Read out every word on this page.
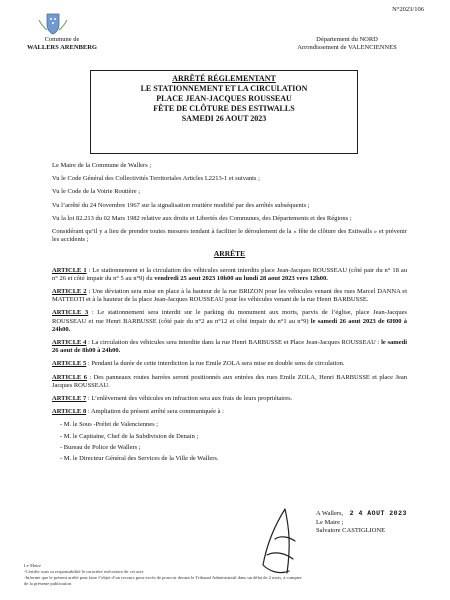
N°2023/106
Commune de
WALLERS ARENBERG
Département du NORD
Arrondissement de VALENCIENNES
ARRÊTÉ RÉGLEMENTANT
LE STATIONNEMENT ET LA CIRCULATION
PLACE JEAN-JACQUES ROUSSEAU
FÊTE DE CLÔTURE DES ESTIWALLS
SAMEDI 26 AOUT 2023

Le Maire de la Commune de Wallers ;

Vu le Code Général des Collectivités Territoriales Articles L2213-1 et suivants ;

Vu le Code de la Voirie Routière ;

Vu l’arrêté du 24 Novembre 1967 sur la signalisation routière modifié par des arrêtés subséquents ;

Vu la loi 82.213 du 02 Mars 1982 relative aux droits et Libertés des Communes, des Départements et des Régions ;

Considérant qu’il y a lieu de prendre toutes mesures tendant à faciliter le déroulement de la « fête de clôture des Estiwalls » et prévenir les accidents ;

ARRÊTE

ARTICLE 1 : Le stationnement et la circulation des véhicules seront interdits place Jean-Jacques ROUSSEAU (côté pair du n° 18 au n° 26 et côté impair du n° 5 au n°9) du vendredi 25 aout 2023 10h00 au lundi 28 aout 2023 vers 12h00.

ARTICLE 2 : Une déviation sera mise en place à la hauteur de la rue BRIZON pour les véhicules venant des rues Marcel DANNA et MATTEOTI et à la hauteur de la place Jean-Jacques ROUSSEAU pour les véhicules venant de la rue Henri BARBUSSE.

ARTICLE 3 : Le stationnement sera interdit sur le parking du monument aux morts, parvis de l’église, place Jean-Jacques ROUSSEAU et rue Henri BARBUSSE (côté pair du n°2 au n°12 et côté impair du n°1 au n°9) le samedi 26 aout 2023 de 6H00 à 24h00.

ARTICLE 4 : La circulation des véhicules sera interdite dans la rue Henri BARBUSSE et Place Jean-Jacques ROUSSEAU : le samedi 26 aout de 8h00 à 24h00.

ARTICLE 5 : Pendant la durée de cette interdiction la rue Emile ZOLA sera mise en double sens de circulation.

ARTICLE 6 : Des panneaux routes barrées seront positionnés aux entrées des rues Emile ZOLA, Henri BARBUSSE et place Jean Jacques ROUSSEAU.

ARTICLE 7 : L’enlèvement des véhicules en infraction sera aux frais de leurs propriétaires.

ARTICLE 8 : Ampliation du présent arrêté sera communiquée à :

- M. le Sous -Préfet de Valenciennes ;
- M. le Capitaine, Chef de la Subdivision de Denain ;
- Bureau de Police de Wallers ;
- M. le Directeur Général des Services de la Ville de Wallers.
A Wallers, 2 4 AOUT 2023
Le Maire ;
Salvatore CASTIGLIONE
Le Maire
-Certifie sous sa responsabilité le caractère exécutoire de cet acte
-Informe que le présent arrêté peut faire l’objet d’un recours pour excès de pouvoir devant le Tribunal Administratif dans un délai de 2 mois, à compter
de la présente publication
